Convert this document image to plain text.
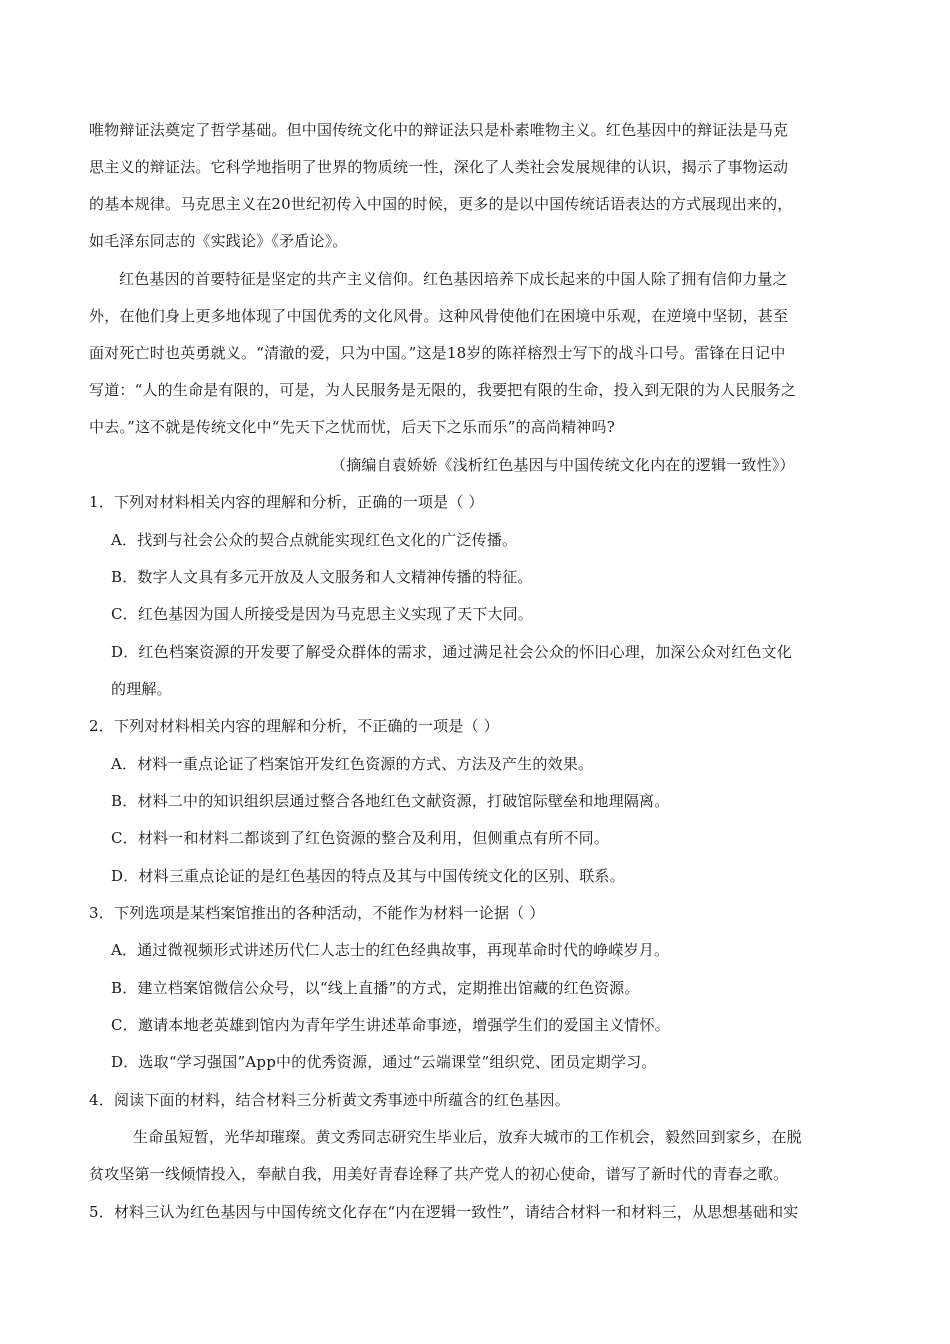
唯物辩证法奠定了哲学基础。但中国传统文化中的辩证法只是朴素唯物主义。红色基因中的辩证法是马克
思主义的辩证法。它科学地指明了世界的物质统一性，深化了人类社会发展规律的认识，揭示了事物运动
的基本规律。马克思主义在20世纪初传入中国的时候，更多的是以中国传统话语表达的方式展现出来的，
如毛泽东同志的《实践论》《矛盾论》。
红色基因的首要特征是坚定的共产主义信仰。红色基因培养下成长起来的中国人除了拥有信仰力量之
外，在他们身上更多地体现了中国优秀的文化风骨。这种风骨使他们在困境中乐观，在逆境中坚韧，甚至
面对死亡时也英勇就义。“清澈的爱，只为中国。”这是18岁的陈祥榕烈士写下的战斗口号。雷锋在日记中
写道：“人的生命是有限的，可是，为人民服务是无限的，我要把有限的生命，投入到无限的为人民服务之
中去。”这不就是传统文化中“先天下之忧而忧，后天下之乐而乐”的高尚精神吗?
（摘编自袁娇娇《浅析红色基因与中国传统文化内在的逻辑一致性》）
1．下列对材料相关内容的理解和分析，正确的一项是（ ）
A．找到与社会公众的契合点就能实现红色文化的广泛传播。
B．数字人文具有多元开放及人文服务和人文精神传播的特征。
C．红色基因为国人所接受是因为马克思主义实现了天下大同。
D．红色档案资源的开发要了解受众群体的需求，通过满足社会公众的怀旧心理，加深公众对红色文化
的理解。
2．下列对材料相关内容的理解和分析，不正确的一项是（ ）
A．材料一重点论证了档案馆开发红色资源的方式、方法及产生的效果。
B．材料二中的知识组织层通过整合各地红色文献资源，打破馆际壁垒和地理隔离。
C．材料一和材料二都谈到了红色资源的整合及利用，但侧重点有所不同。
D．材料三重点论证的是红色基因的特点及其与中国传统文化的区别、联系。
3．下列选项是某档案馆推出的各种活动，不能作为材料一论据（ ）
A．通过微视频形式讲述历代仁人志士的红色经典故事，再现革命时代的峥嵘岁月。
B．建立档案馆微信公众号，以“线上直播”的方式，定期推出馆藏的红色资源。
C．邀请本地老英雄到馆内为青年学生讲述革命事迹，增强学生们的爱国主义情怀。
D．选取“学习强国”App中的优秀资源，通过“云端课堂”组织党、团员定期学习。
4．阅读下面的材料，结合材料三分析黄文秀事迹中所蕴含的红色基因。
生命虽短暂，光华却璀璨。黄文秀同志研究生毕业后，放弃大城市的工作机会，毅然回到家乡，在脱
贫攻坚第一线倾情投入，奉献自我，用美好青春诠释了共产党人的初心使命，谱写了新时代的青春之歌。
5．材料三认为红色基因与中国传统文化存在“内在逻辑一致性”，请结合材料一和材料三，从思想基础和实
